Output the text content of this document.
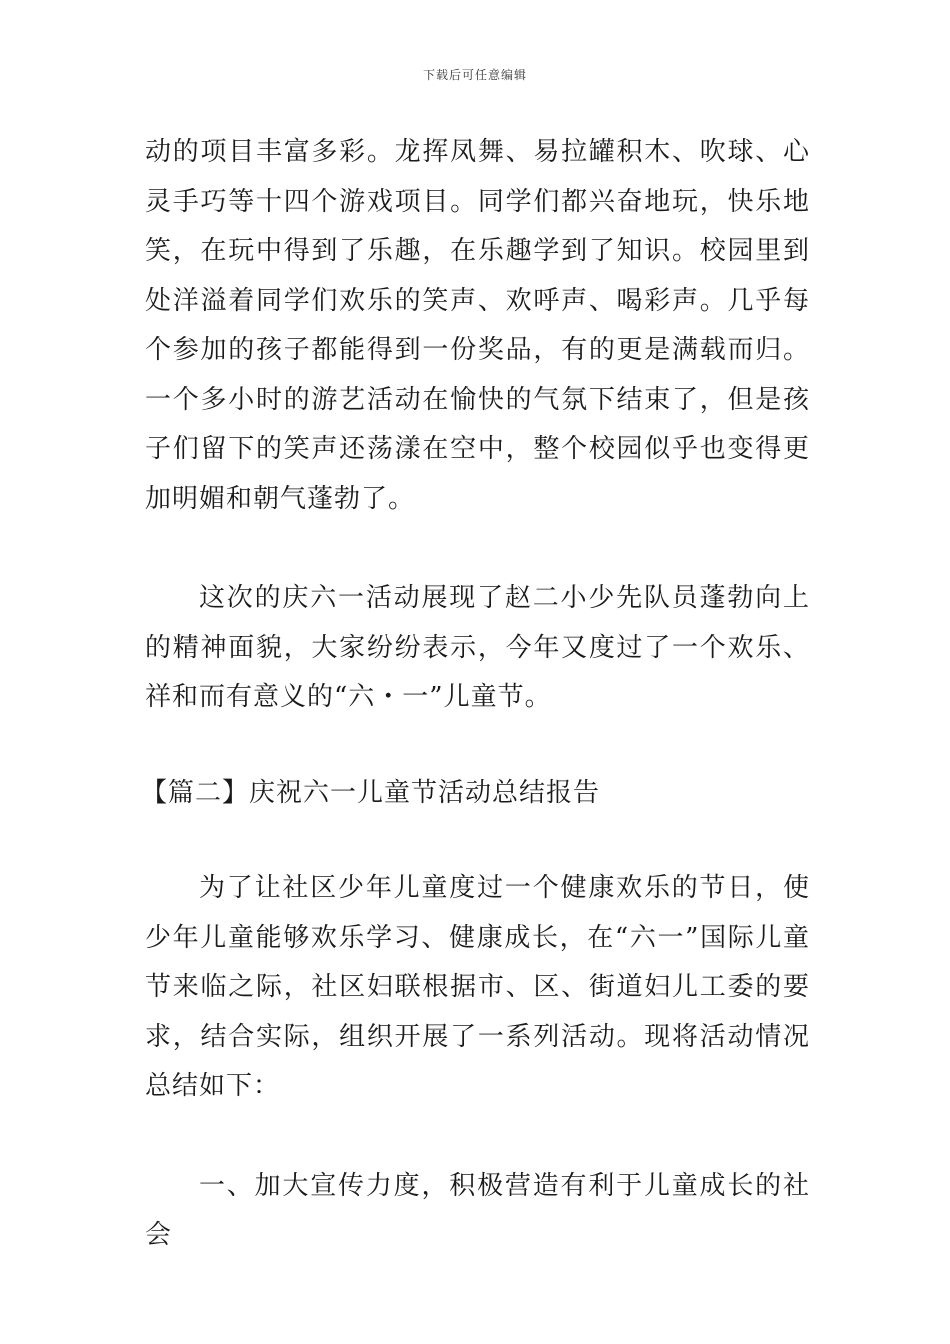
下载后可任意编辑

动的项目丰富多彩。龙挥凤舞、易拉罐积木、吹球、心灵手巧等十四个游戏项目。同学们都兴奋地玩，快乐地笑，在玩中得到了乐趣，在乐趣学到了知识。校园里到处洋溢着同学们欢乐的笑声、欢呼声、喝彩声。几乎每个参加的孩子都能得到一份奖品，有的更是满载而归。一个多小时的游艺活动在愉快的气氛下结束了，但是孩子们留下的笑声还荡漾在空中，整个校园似乎也变得更加明媚和朝气蓬勃了。

这次的庆六一活动展现了赵二小少先队员蓬勃向上的精神面貌，大家纷纷表示，今年又度过了一个欢乐、祥和而有意义的“六・一”儿童节。

【篇二】庆祝六一儿童节活动总结报告

为了让社区少年儿童度过一个健康欢乐的节日，使少年儿童能够欢乐学习、健康成长，在“六一”国际儿童节来临之际，社区妇联根据市、区、街道妇儿工委的要求，结合实际，组织开展了一系列活动。现将活动情况总结如下：

一、加大宣传力度，积极营造有利于儿童成长的社会
